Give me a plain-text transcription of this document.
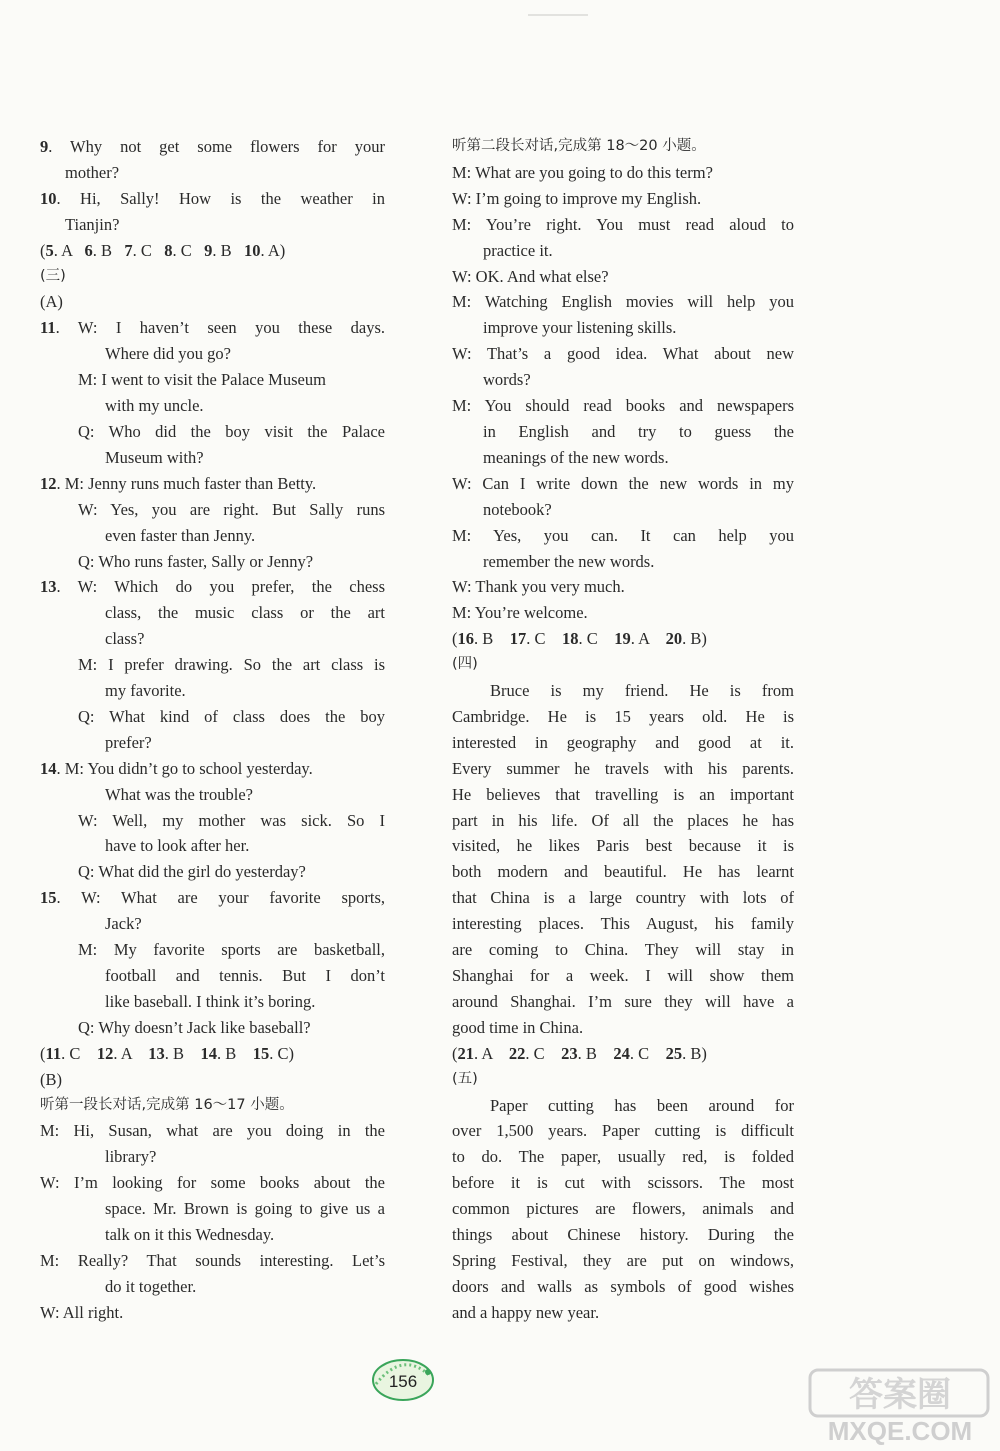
9. Why not get some flowers for your
mother?
10. Hi, Sally! How is the weather in
Tianjin?
(5. A   6. B   7. C   8. C   9. B   10. A)
(三)
(A)
11. W: I haven’t seen you these days.
Where did you go?
M: I went to visit the Palace Museum
with my uncle.
Q: Who did the boy visit the Palace
Museum with?
12. M: Jenny runs much faster than Betty.
W: Yes, you are right. But Sally runs
even faster than Jenny.
Q: Who runs faster, Sally or Jenny?
13. W: Which do you prefer, the chess
class, the music class or the art
class?
M: I prefer drawing. So the art class is
my favorite.
Q: What kind of class does the boy
prefer?
14. M: You didn’t go to school yesterday.
What was the trouble?
W: Well, my mother was sick. So I
have to look after her.
Q: What did the girl do yesterday?
15. W: What are your favorite sports,
Jack?
M: My favorite sports are basketball,
football and tennis. But I don’t
like baseball. I think it’s boring.
Q: Why doesn’t Jack like baseball?
(11. C    12. A    13. B    14. B    15. C)
(B)
听第一段长对话,完成第 16～17 小题。
M: Hi, Susan, what are you doing in the
library?
W: I’m looking for some books about the
space. Mr. Brown is going to give us a
talk on it this Wednesday.
M: Really? That sounds interesting. Let’s
do it together.
W: All right.
听第二段长对话,完成第 18～20 小题。
M: What are you going to do this term?
W: I’m going to improve my English.
M: You’re right. You must read aloud to
practice it.
W: OK. And what else?
M: Watching English movies will help you
improve your listening skills.
W: That’s a good idea. What about new
words?
M: You should read books and newspapers
in English and try to guess the
meanings of the new words.
W: Can I write down the new words in my
notebook?
M: Yes, you can. It can help you
remember the new words.
W: Thank you very much.
M: You’re welcome.
(16. B    17. C    18. C    19. A    20. B)
(四)
Bruce is my friend. He is from
Cambridge. He is 15 years old. He is
interested in geography and good at it.
Every summer he travels with his parents.
He believes that travelling is an important
part in his life. Of all the places he has
visited, he likes Paris best because it is
both modern and beautiful. He has learnt
that China is a large country with lots of
interesting places. This August, his family
are coming to China. They will stay in
Shanghai for a week. I will show them
around Shanghai. I’m sure they will have a
good time in China.
(21. A    22. C    23. B    24. C    25. B)
(五)
Paper cutting has been around for
over 1,500 years. Paper cutting is difficult
to do. The paper, usually red, is folded
before it is cut with scissors. The most
common pictures are flowers, animals and
things about Chinese history. During the
Spring Festival, they are put on windows,
doors and walls as symbols of good wishes
and a happy new year.
156	答案圈
MXQE.COM
